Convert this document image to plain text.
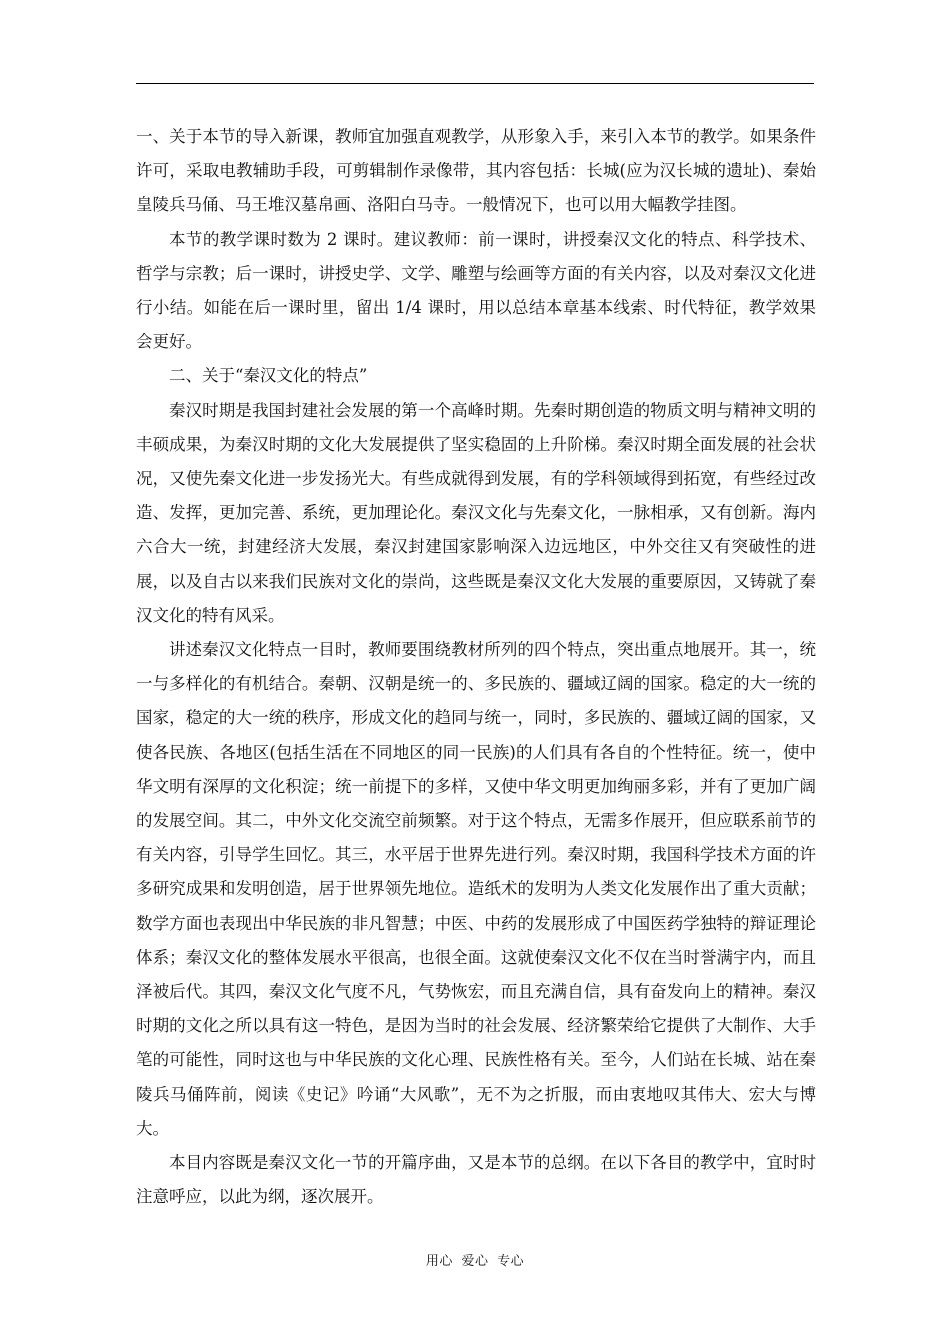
一、关于本节的导入新课，教师宜加强直观教学，从形象入手，来引入本节的教学。如果条件许可，采取电教辅助手段，可剪辑制作录像带，其内容包括：长城(应为汉长城的遗址)、秦始皇陵兵马俑、马王堆汉墓帛画、洛阳白马寺。一般情况下，也可以用大幅教学挂图。

本节的教学课时数为 2 课时。建议教师：前一课时，讲授秦汉文化的特点、科学技术、哲学与宗教；后一课时，讲授史学、文学、雕塑与绘画等方面的有关内容，以及对秦汉文化进行小结。如能在后一课时里，留出 1/4 课时，用以总结本章基本线索、时代特征，教学效果会更好。

二、关于“秦汉文化的特点”

秦汉时期是我国封建社会发展的第一个高峰时期。先秦时期创造的物质文明与精神文明的丰硕成果，为秦汉时期的文化大发展提供了坚实稳固的上升阶梯。秦汉时期全面发展的社会状况，又使先秦文化进一步发扬光大。有些成就得到发展，有的学科领域得到拓宽，有些经过改造、发挥，更加完善、系统，更加理论化。秦汉文化与先秦文化，一脉相承，又有创新。海内六合大一统，封建经济大发展，秦汉封建国家影响深入边远地区，中外交往又有突破性的进展，以及自古以来我们民族对文化的崇尚，这些既是秦汉文化大发展的重要原因，又铸就了秦汉文化的特有风采。

讲述秦汉文化特点一目时，教师要围绕教材所列的四个特点，突出重点地展开。其一，统一与多样化的有机结合。秦朝、汉朝是统一的、多民族的、疆域辽阔的国家。稳定的大一统的国家，稳定的大一统的秩序，形成文化的趋同与统一，同时，多民族的、疆域辽阔的国家，又使各民族、各地区(包括生活在不同地区的同一民族)的人们具有各自的个性特征。统一，使中华文明有深厚的文化积淀；统一前提下的多样，又使中华文明更加绚丽多彩，并有了更加广阔的发展空间。其二，中外文化交流空前频繁。对于这个特点，无需多作展开，但应联系前节的有关内容，引导学生回忆。其三，水平居于世界先进行列。秦汉时期，我国科学技术方面的许多研究成果和发明创造，居于世界领先地位。造纸术的发明为人类文化发展作出了重大贡献；数学方面也表现出中华民族的非凡智慧；中医、中药的发展形成了中国医药学独特的辩证理论体系；秦汉文化的整体发展水平很高，也很全面。这就使秦汉文化不仅在当时誉满宇内，而且泽被后代。其四，秦汉文化气度不凡，气势恢宏，而且充满自信，具有奋发向上的精神。秦汉时期的文化之所以具有这一特色，是因为当时的社会发展、经济繁荣给它提供了大制作、大手笔的可能性，同时这也与中华民族的文化心理、民族性格有关。至今，人们站在长城、站在秦陵兵马俑阵前，阅读《史记》吟诵“大风歌”，无不为之折服，而由衷地叹其伟大、宏大与博大。

本目内容既是秦汉文化一节的开篇序曲，又是本节的总纲。在以下各目的教学中，宜时时注意呼应，以此为纲，逐次展开。

用心 爱心 专心
